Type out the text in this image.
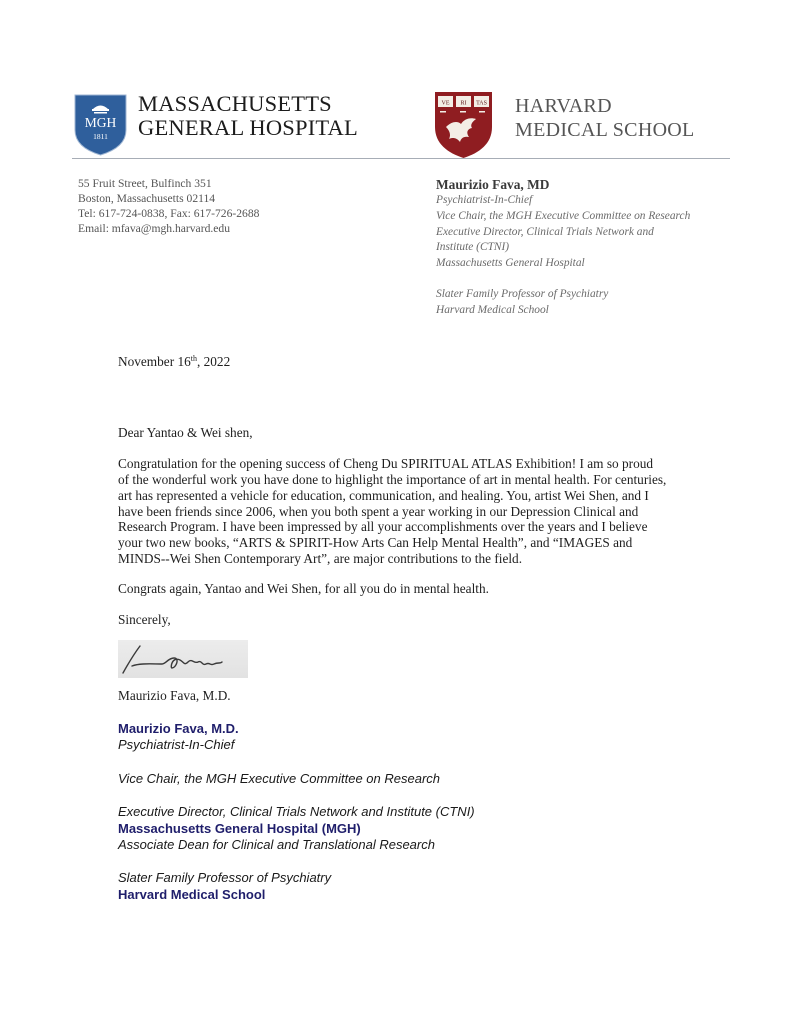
MGH
1811
MASSACHUSETTS
GENERAL HOSPITAL
VE RI TAS HARVARD
MEDICAL SCHOOL
55 Fruit Street, Bulfinch 351
Boston, Massachusetts 02114
Tel: 617-724-0838, Fax: 617-726-2688
Email: mfava@mgh.harvard.edu
Maurizio Fava, MD
Psychiatrist-In-Chief
Vice Chair, the MGH Executive Committee on Research
Executive Director, Clinical Trials Network and
Institute (CTNI)
Massachusetts General Hospital
Slater Family Professor of Psychiatry
Harvard Medical School

November 16th, 2022

Dear Yantao & Wei shen,

Congratulation for the opening success of Cheng Du SPIRITUAL ATLAS Exhibition! I am so proud
of the wonderful work you have done to highlight the importance of art in mental health. For centuries,
art has represented a vehicle for education, communication, and healing. You, artist Wei Shen, and I
have been friends since 2006, when you both spent a year working in our Depression Clinical and
Research Program. I have been impressed by all your accomplishments over the years and I believe
your two new books, “ARTS & SPIRIT-How Arts Can Help Mental Health”, and “IMAGES and
MINDS--Wei Shen Contemporary Art”, are major contributions to the field.

Congrats again, Yantao and Wei Shen, for all you do in mental health.

Sincerely,

Maurizio Fava, M.D.
Maurizio Fava, M.D.
Psychiatrist-In-Chief
Vice Chair, the MGH Executive Committee on Research
Executive Director, Clinical Trials Network and Institute (CTNI)
Massachusetts General Hospital (MGH)
Associate Dean for Clinical and Translational Research
Slater Family Professor of Psychiatry
Harvard Medical School
